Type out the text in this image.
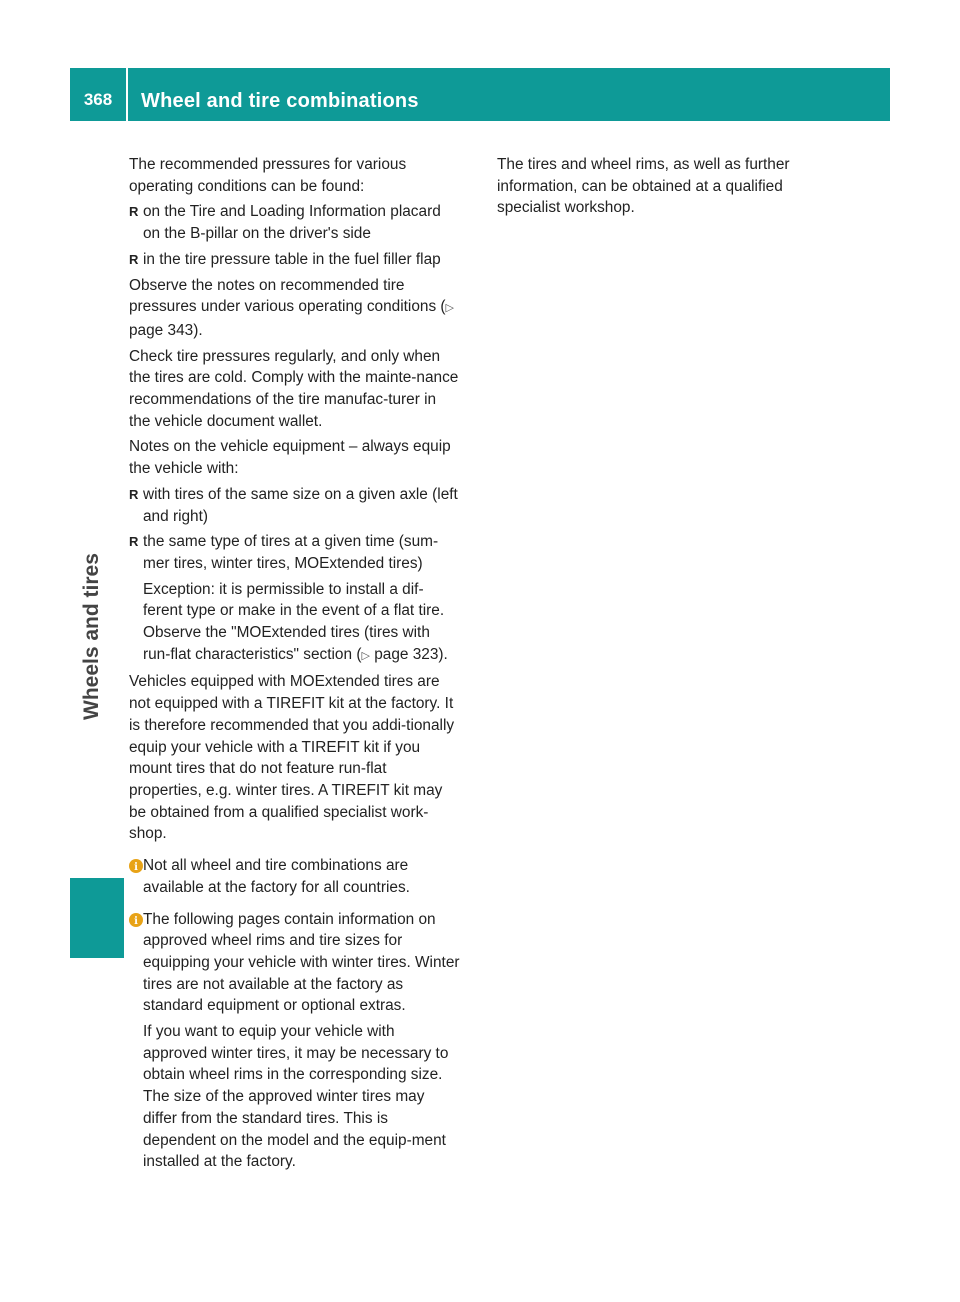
368	Wheel and tire combinations
Wheels and tires

The recommended pressures for various operating conditions can be found:

R on the Tire and Loading Information placard on the B-pillar on the driver's side
R in the tire pressure table in the fuel filler flap

Observe the notes on recommended tire pressures under various operating conditions (▷ page 343).

Check tire pressures regularly, and only when the tires are cold. Comply with the mainte-nance recommendations of the tire manufac-turer in the vehicle document wallet.

Notes on the vehicle equipment – always equip the vehicle with:

R with tires of the same size on a given axle (left and right)
R the same type of tires at a given time (sum-mer tires, winter tires, MOExtended tires)
Exception: it is permissible to install a dif-ferent type or make in the event of a flat tire. Observe the "MOExtended tires (tires with run-flat characteristics" section (▷ page 323).

Vehicles equipped with MOExtended tires are not equipped with a TIREFIT kit at the factory. It is therefore recommended that you addi-tionally equip your vehicle with a TIREFIT kit if you mount tires that do not feature run-flat properties, e.g. winter tires. A TIREFIT kit may be obtained from a qualified specialist work-shop.

i Not all wheel and tire combinations are available at the factory for all countries.
i The following pages contain information on approved wheel rims and tire sizes for equipping your vehicle with winter tires. Winter tires are not available at the factory as standard equipment or optional extras.
If you want to equip your vehicle with approved winter tires, it may be necessary to obtain wheel rims in the corresponding size. The size of the approved winter tires may differ from the standard tires. This is dependent on the model and the equip-ment installed at the factory.

The tires and wheel rims, as well as further information, can be obtained at a qualified specialist workshop.
